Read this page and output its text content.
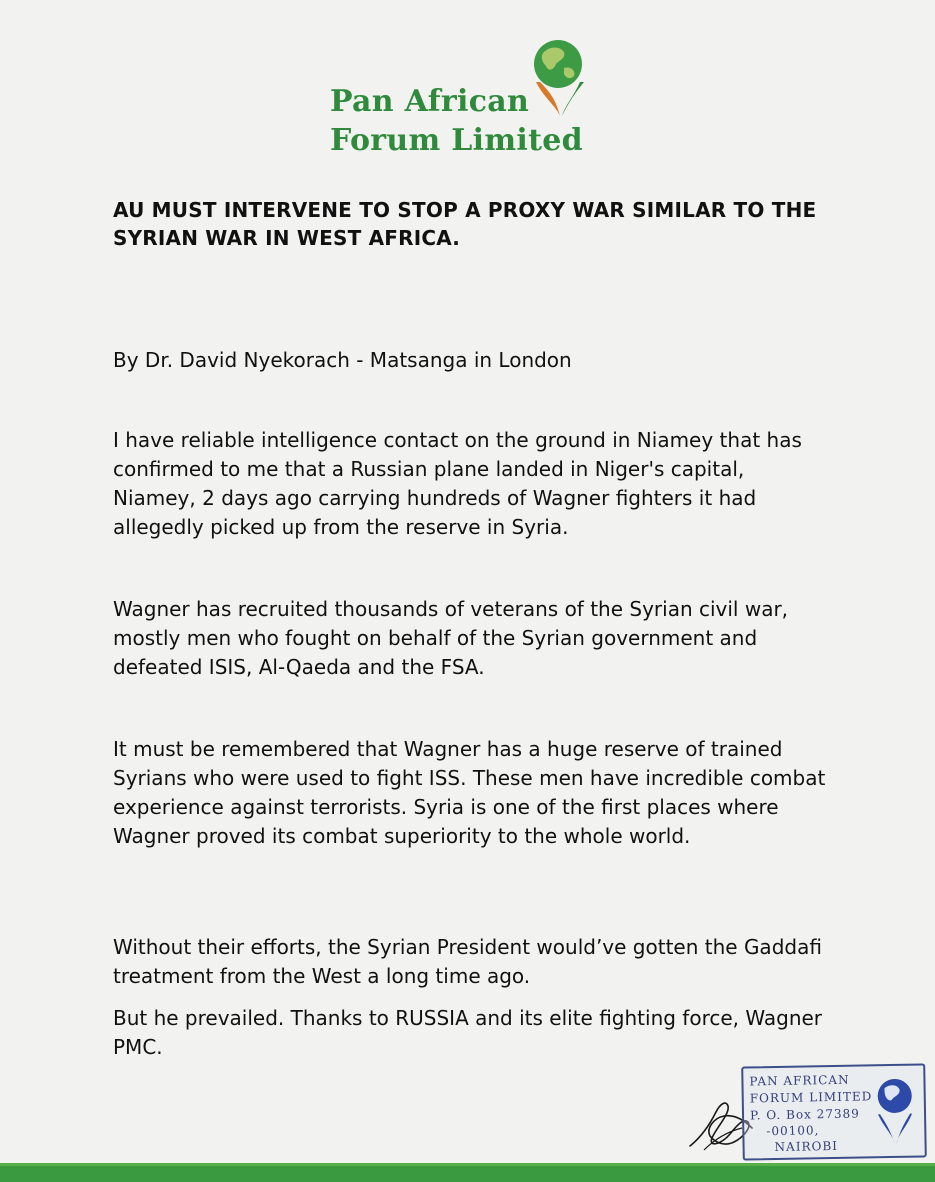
Pan African
Forum Limited
AU MUST INTERVENE TO STOP A PROXY WAR SIMILAR TO THE SYRIAN WAR IN WEST AFRICA.
By Dr. David Nyekorach - Matsanga in London
I have reliable intelligence contact on the ground in Niamey that has confirmed to me that a Russian plane landed in Niger's capital, Niamey, 2 days ago carrying hundreds of Wagner fighters it had allegedly picked up from the reserve in Syria.
Wagner has recruited thousands of veterans of the Syrian civil war, mostly men who fought on behalf of the Syrian government and defeated ISIS, Al-Qaeda and the FSA.
It must be remembered that Wagner has a huge reserve of trained Syrians who were used to fight ISS. These men have incredible combat experience against terrorists. Syria is one of the first places where Wagner proved its combat superiority to the whole world.
Without their efforts, the Syrian President would’ve gotten the Gaddafi treatment from the West a long time ago.
But he prevailed. Thanks to RUSSIA and its elite fighting force, Wagner PMC.
PAN AFRICAN
FORUM LIMITED
P. O. Box 27389
-00100,
NAIROBI
